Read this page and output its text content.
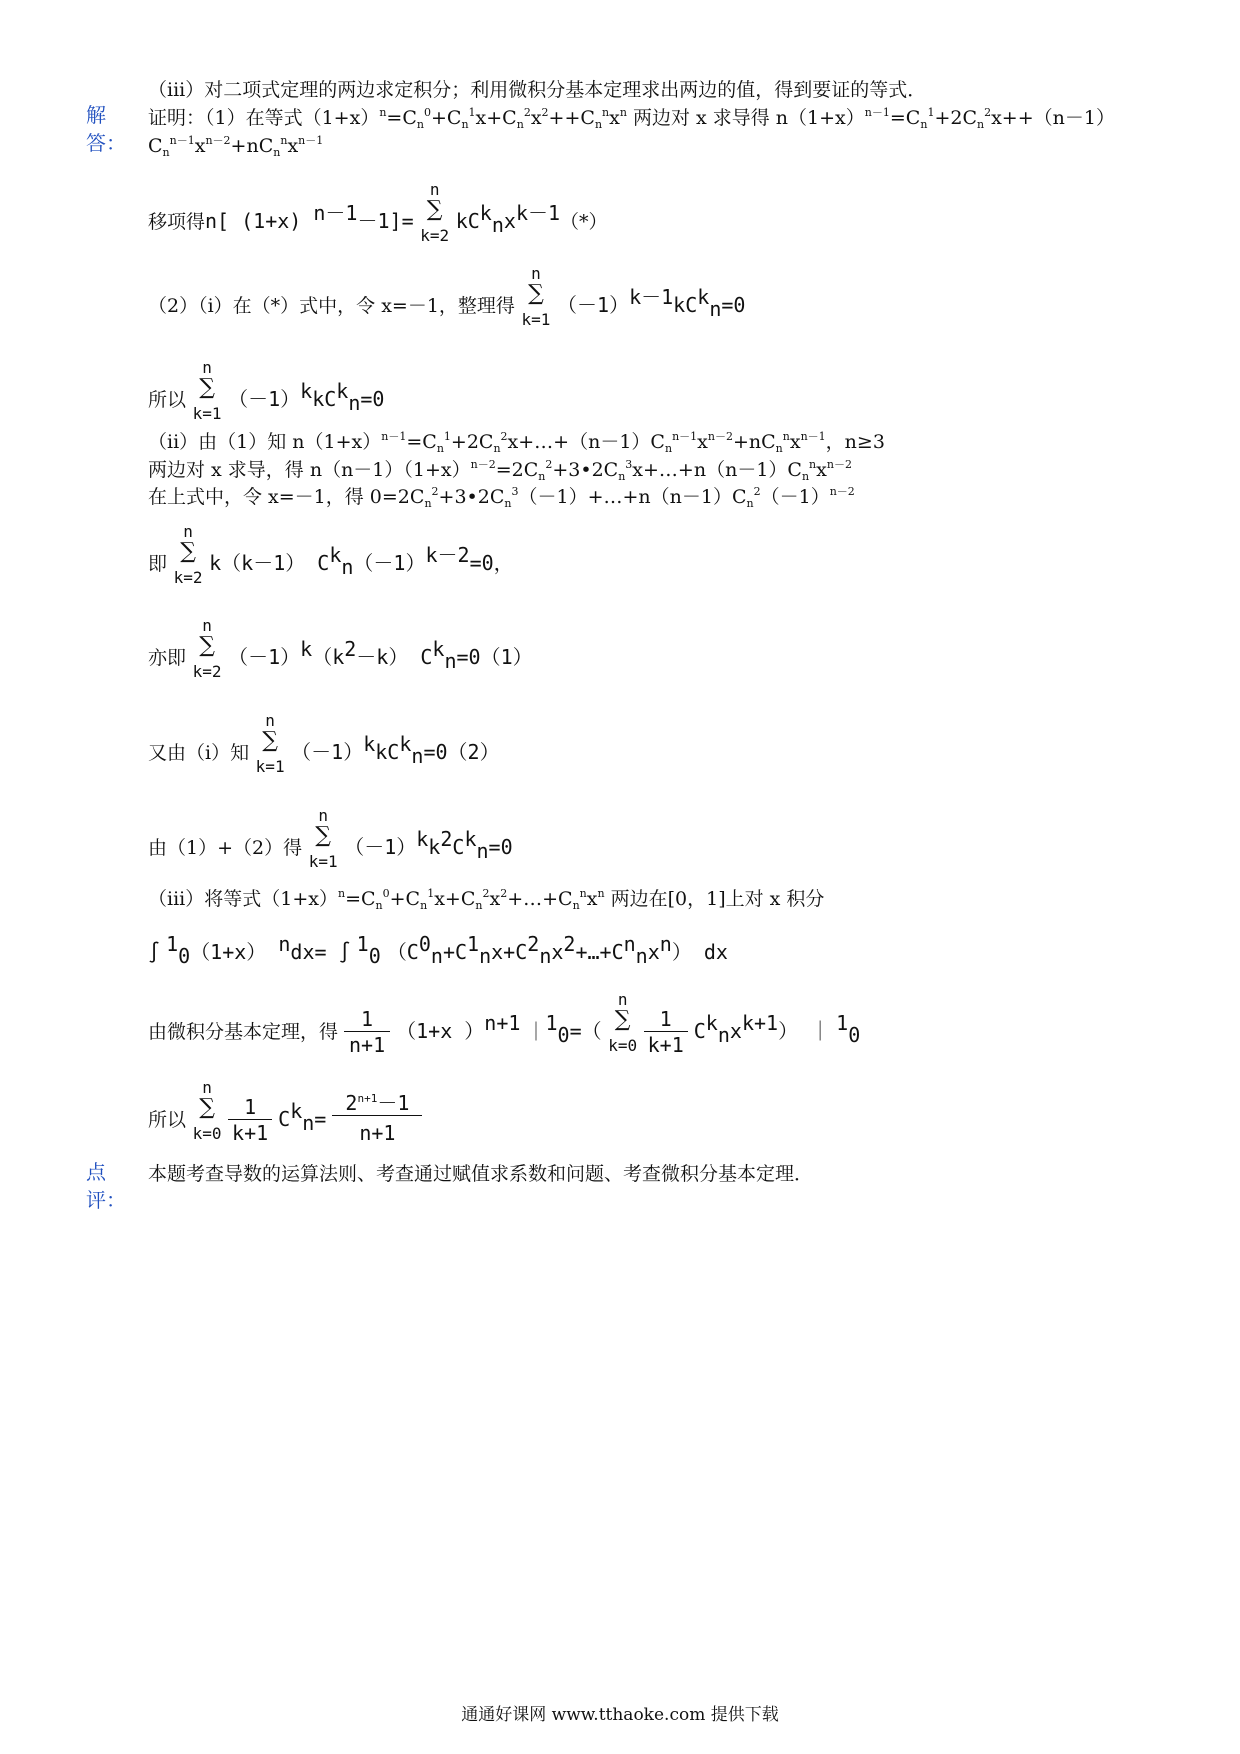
（iii）对二项式定理的两边求定积分；利用微积分基本定理求出两边的值，得到要证的等式．
解
答：
证明：（1）在等式$(1+x)^n=C_n^0+C_n^1x+C_n^2x^2++C_n^nx^n$ 两边对 x 求导得 $n(1+x)^{n-1}=C_n^1+2C_n^2x++(n-1)$
$C_n^{n-1}x^{n-2}+nC_n^nx^{n-1}$
移项得n[ (1+x) $^{n-1}$－1]=
n
∑
k=2
$kC^k_nx^{k-1}(*)$
（2）（i）在（*）式中，令 x=－1，整理得
n
∑
k=1
$(-1)^{k-1}kC^k_n=0$
所以
n
∑
k=1
$(-1)^kkC^k_n=0$
（ii）由（1）知 $n(1+x)^{n-1}=C_n^1+2C_n^2x+\dots+(n-1)C_n^{n-1}x^{n-2}+nC_n^nx^{n-1}$，n≥3
两边对 x 求导，得 $n(n-1)(1+x)^{n-2}=2C_n^2+3•2C_n^3x+\dots+n(n-1)C_n^nx^{n-2}$
在上式中，令 x=－1，得 $0=2C_n^2+3•2C_n^3(-1)+\dots+n(n-1)C_n^2(-1)^{n-2}$
即
n
∑
k=2
k（k－1） $C^k_n(-1)^{k-2}=0$，
亦即
n
∑
k=2
$(-1)^k(k^2-k)$ $C^k_n=0(1)$
又由（i）知
n
∑
k=1
$(-1)^kkC^k_n=0(2)$
由（1）+（2）得
n
∑
k=1
$(-1)^kk^2C^k_n=0$
（iii）将等式$(1+x)^n=C_n^0+C_n^1x+C_n^2x^2+\dots+C_n^nx^n$ 两边在[0，1]上对 x 积分
∫ $^1_0$（1+x） $^n$dx= ∫ $^1_0$ $(C^0_n+C^1_nx+C^2_nx^2+\dots+C^n_nx^n)$ dx
由微积分基本定理，得 $\frac{1}{n+1} (1+x$ ）$^{n+1}$ ｜$^1_0$=（
n
∑
k=0

$\frac{1}{k+1} C^k_nx^{k+1}$） ｜ $^1_0$
所以
n
∑
k=0

$\frac{1}{k+1} C^k_n= \frac{2^{n+1}-1}{n+1}$
点
评：
本题考查导数的运算法则、考查通过赋值求系数和问题、考查微积分基本定理．
通通好课网 www.tthaoke.com 提供下载
